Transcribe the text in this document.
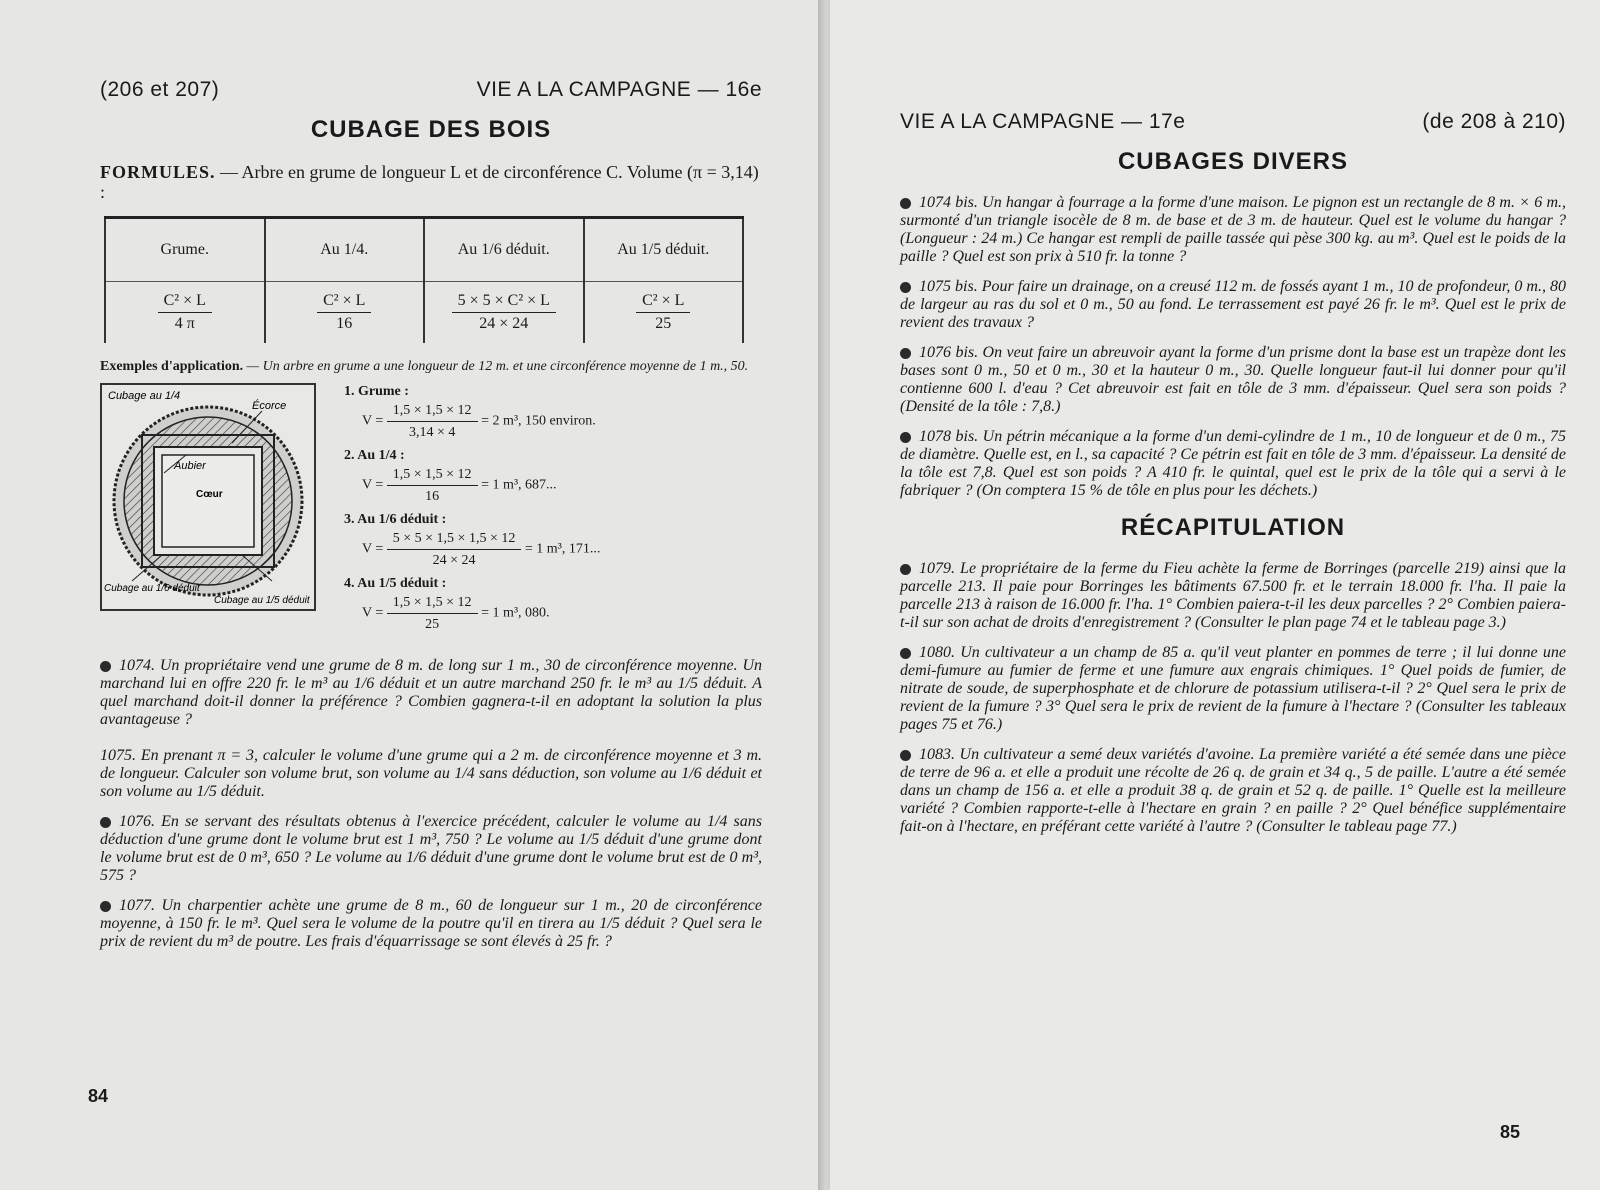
(206 et 207)	VIE A LA CAMPAGNE — 16e
CUBAGE DES BOIS
FORMULES. — Arbre en grume de longueur L et de circonférence C. Volume (π = 3,14) :
Grume.	Au 1/4.	Au 1/6 déduit.	Au 1/5 déduit.

$\frac{\text{C² × L}}{4 \pi}$	$\frac{\text{C² × L}}{16}$	$\frac{\text{5 × 5 × C² × L}}{24 \times 24}$	$\frac{\text{C² × L}}{25}$
Exemples d'application. — Un arbre en grume a une longueur de 12 m. et une circonférence moyenne de 1 m., 50.
Cubage au 1/4
Écorce
Aubier
Cœur
Cubage au 1/6 déduit
Cubage au 1/5 déduit
1. Grume :
$V = \frac{1,5 \times 1,5 \times 12}{3,14 \times 4} = 2$ m³, 150 environ.
2. Au 1/4 :
$V = \frac{1,5 \times 1,5 \times 12}{16} = 1$ m³, 687...
3. Au 1/6 déduit :
$V = \frac{5 \times 5 \times 1,5 \times 1,5 \times 12}{24 \times 24} = 1$ m³, 171...
4. Au 1/5 déduit :
$V = \frac{1,5 \times 1,5 \times 12}{25} = 1$ m³, 080.

1074. Un propriétaire vend une grume de 8 m. de long sur 1 m., 30 de circonférence moyenne. Un marchand lui en offre 220 fr. le m³ au 1/6 déduit et un autre marchand 250 fr. le m³ au 1/5 déduit. A quel marchand doit-il donner la préférence ? Combien gagnera-t-il en adoptant la solution la plus avantageuse ?

1075. En prenant π = 3, calculer le volume d'une grume qui a 2 m. de circonférence moyenne et 3 m. de longueur. Calculer son volume brut, son volume au 1/4 sans déduction, son volume au 1/6 déduit et son volume au 1/5 déduit.

1076. En se servant des résultats obtenus à l'exercice précédent, calculer le volume au 1/4 sans déduction d'une grume dont le volume brut est 1 m³, 750 ? Le volume au 1/5 déduit d'une grume dont le volume brut est de 0 m³, 650 ? Le volume au 1/6 déduit d'une grume dont le volume brut est de 0 m³, 575 ?

1077. Un charpentier achète une grume de 8 m., 60 de longueur sur 1 m., 20 de circonférence moyenne, à 150 fr. le m³. Quel sera le volume de la poutre qu'il en tirera au 1/5 déduit ? Quel sera le prix de revient du m³ de poutre. Les frais d'équarrissage se sont élevés à 25 fr. ?

84
VIE A LA CAMPAGNE — 17e	(de 208 à 210)
CUBAGES DIVERS

1074 bis. Un hangar à fourrage a la forme d'une maison. Le pignon est un rectangle de 8 m. × 6 m., surmonté d'un triangle isocèle de 8 m. de base et de 3 m. de hauteur. Quel est le volume du hangar ? (Longueur : 24 m.) Ce hangar est rempli de paille tassée qui pèse 300 kg. au m³. Quel est le poids de la paille ? Quel est son prix à 510 fr. la tonne ?

1075 bis. Pour faire un drainage, on a creusé 112 m. de fossés ayant 1 m., 10 de profondeur, 0 m., 80 de largeur au ras du sol et 0 m., 50 au fond. Le terrassement est payé 26 fr. le m³. Quel est le prix de revient des travaux ?

1076 bis. On veut faire un abreuvoir ayant la forme d'un prisme dont la base est un trapèze dont les bases sont 0 m., 50 et 0 m., 30 et la hauteur 0 m., 30. Quelle longueur faut-il lui donner pour qu'il contienne 600 l. d'eau ? Cet abreuvoir est fait en tôle de 3 mm. d'épaisseur. Quel sera son poids ? (Densité de la tôle : 7,8.)

1078 bis. Un pétrin mécanique a la forme d'un demi-cylindre de 1 m., 10 de longueur et de 0 m., 75 de diamètre. Quelle est, en l., sa capacité ? Ce pétrin est fait en tôle de 3 mm. d'épaisseur. La densité de la tôle est 7,8. Quel est son poids ? A 410 fr. le quintal, quel est le prix de la tôle qui a servi à le fabriquer ? (On comptera 15 % de tôle en plus pour les déchets.)

RÉCAPITULATION

1079. Le propriétaire de la ferme du Fieu achète la ferme de Borringes (parcelle 219) ainsi que la parcelle 213. Il paie pour Borringes les bâtiments 67.500 fr. et le terrain 18.000 fr. l'ha. Il paie la parcelle 213 à raison de 16.000 fr. l'ha. 1° Combien paiera-t-il les deux parcelles ? 2° Combien paiera-t-il sur son achat de droits d'enregistrement ? (Consulter le plan page 74 et le tableau page 3.)

1080. Un cultivateur a un champ de 85 a. qu'il veut planter en pommes de terre ; il lui donne une demi-fumure au fumier de ferme et une fumure aux engrais chimiques. 1° Quel poids de fumier, de nitrate de soude, de superphosphate et de chlorure de potassium utilisera-t-il ? 2° Quel sera le prix de revient de la fumure ? 3° Quel sera le prix de revient de la fumure à l'hectare ? (Consulter les tableaux pages 75 et 76.)

1083. Un cultivateur a semé deux variétés d'avoine. La première variété a été semée dans une pièce de terre de 96 a. et elle a produit une récolte de 26 q. de grain et 34 q., 5 de paille. L'autre a été semée dans un champ de 156 a. et elle a produit 38 q. de grain et 52 q. de paille. 1° Quelle est la meilleure variété ? Combien rapporte-t-elle à l'hectare en grain ? en paille ? 2° Quel bénéfice supplémentaire fait-on à l'hectare, en préférant cette variété à l'autre ? (Consulter le tableau page 77.)

85
